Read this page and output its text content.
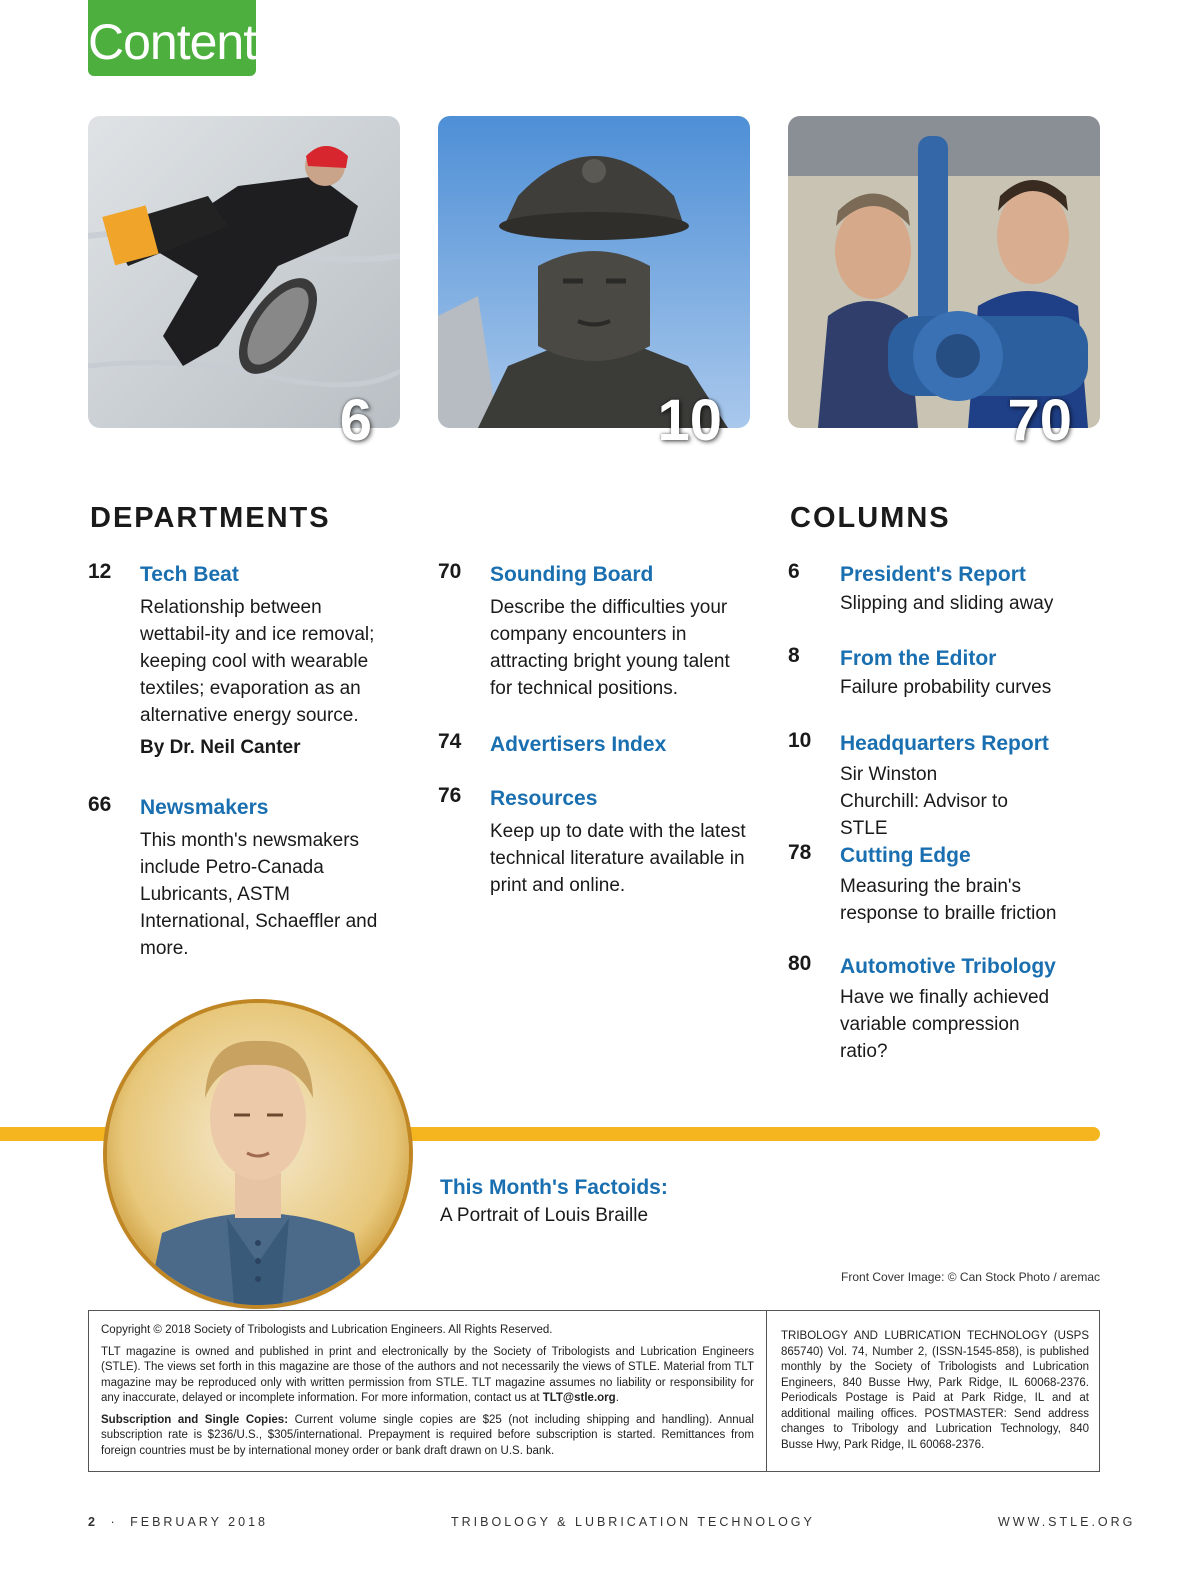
Contents
6	10	70
DEPARTMENTS	COLUMNS
12 Tech Beat
Relationship between wettabil-ity and ice removal; keeping cool with wearable textiles; evaporation as an alternative energy source.
By Dr. Neil Canter
66 Newsmakers
This month's newsmakers include Petro-Canada Lubricants, ASTM International, Schaeffler and more.
70 Sounding Board
Describe the difficulties your company encounters in attracting bright young talent for technical positions.
74 Advertisers Index
76 Resources
Keep up to date with the latest technical literature available in print and online.
6 President's Report
Slipping and sliding away
8 From the Editor
Failure probability curves
10 Headquarters Report
Sir Winston Churchill: Advisor to STLE
78 Cutting Edge
Measuring the brain's response to braille friction
80 Automotive Tribology
Have we finally achieved variable compression ratio?
This Month's Factoids:
A Portrait of Louis Braille
Front Cover Image: © Can Stock Photo / aremac

Copyright © 2018 Society of Tribologists and Lubrication Engineers. All Rights Reserved.

TLT magazine is owned and published in print and electronically by the Society of Tribologists and Lubrication Engineers (STLE). The views set forth in this magazine are those of the authors and not necessarily the views of STLE. Material from TLT magazine may be reproduced only with written permission from STLE. TLT magazine assumes no liability or responsibility for any inaccurate, delayed or incomplete information. For more information, contact us at TLT@stle.org.

Subscription and Single Copies: Current volume single copies are $25 (not including shipping and handling). Annual subscription rate is $236/U.S., $305/international. Prepayment is required before subscription is started. Remittances from foreign countries must be by international money order or bank draft drawn on U.S. bank.

TRIBOLOGY AND LUBRICATION TECHNOLOGY (USPS 865740) Vol. 74, Number 2, (ISSN-1545-858), is published monthly by the Society of Tribologists and Lubrication Engineers, 840 Busse Hwy, Park Ridge, IL 60068-2376. Periodicals Postage is Paid at Park Ridge, IL and at additional mailing offices. POSTMASTER: Send address changes to Tribology and Lubrication Technology, 840 Busse Hwy, Park Ridge, IL 60068-2376.
2 · FEBRUARY 2018	TRIBOLOGY & LUBRICATION TECHNOLOGY	WWW.STLE.ORG
